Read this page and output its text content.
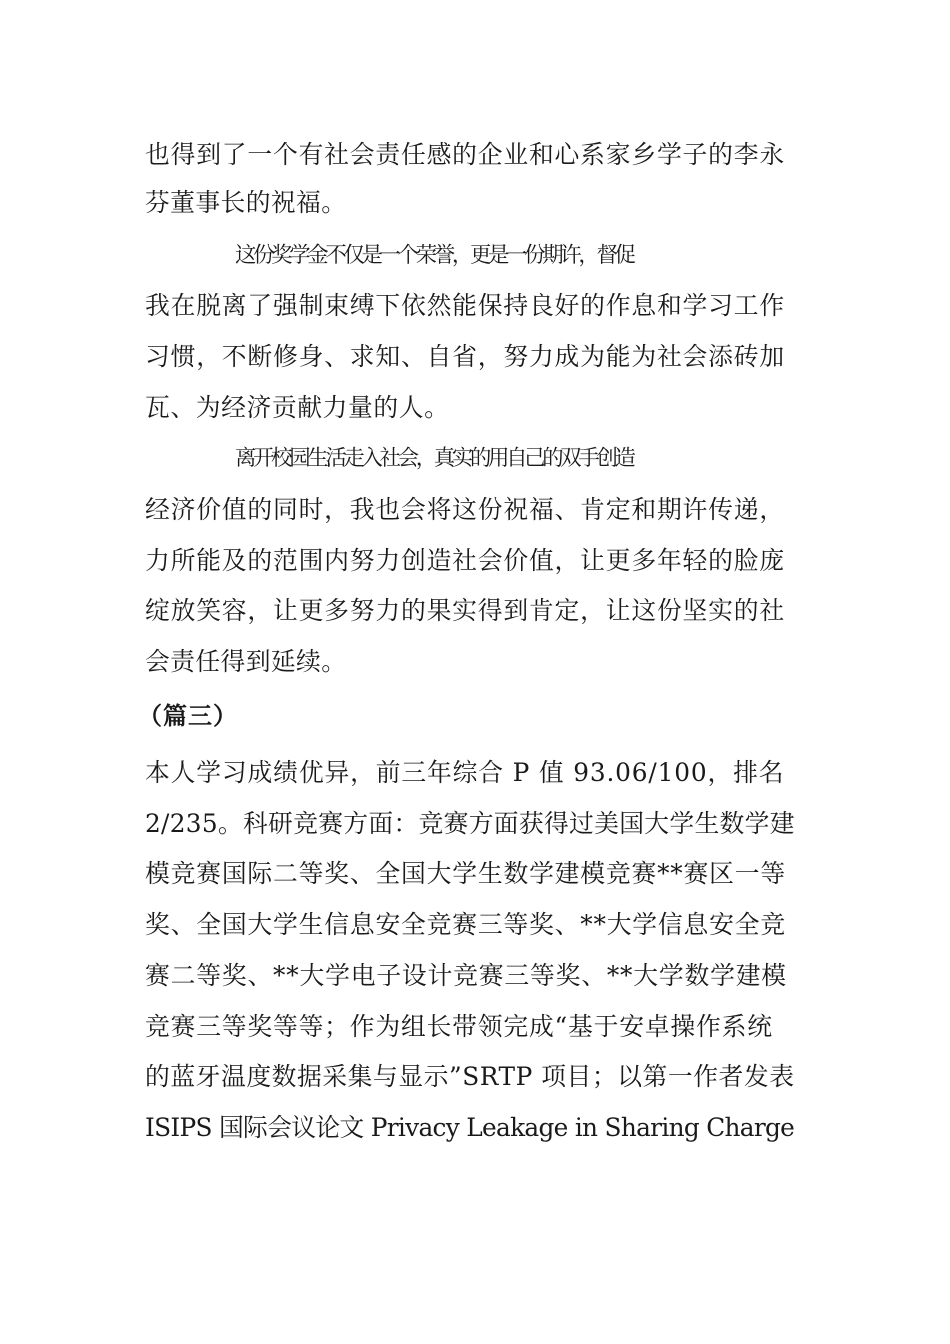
也得到了一个有社会责任感的企业和心系家乡学子的李永
芬董事长的祝福。
这份奖学金不仅是一个荣誉，更是一份期许，督促
我在脱离了强制束缚下依然能保持良好的作息和学习工作
习惯，不断修身、求知、自省，努力成为能为社会添砖加
瓦、为经济贡献力量的人。
离开校园生活走入社会，真实的用自己的双手创造
经济价值的同时，我也会将这份祝福、肯定和期许传递，
力所能及的范围内努力创造社会价值，让更多年轻的脸庞
绽放笑容，让更多努力的果实得到肯定，让这份坚实的社
会责任得到延续。
（篇三）
本人学习成绩优异，前三年综合 P 值 93.06/100，排名
2/235。科研竞赛方面：竞赛方面获得过美国大学生数学建
模竞赛国际二等奖、全国大学生数学建模竞赛**赛区一等
奖、全国大学生信息安全竞赛三等奖、**大学信息安全竞
赛二等奖、**大学电子设计竞赛三等奖、**大学数学建模
竞赛三等奖等等；作为组长带领完成“基于安卓操作系统
的蓝牙温度数据采集与显示”SRTP 项目；以第一作者发表
ISIPS 国际会议论文 Privacy Leakage in Sharing Charge
